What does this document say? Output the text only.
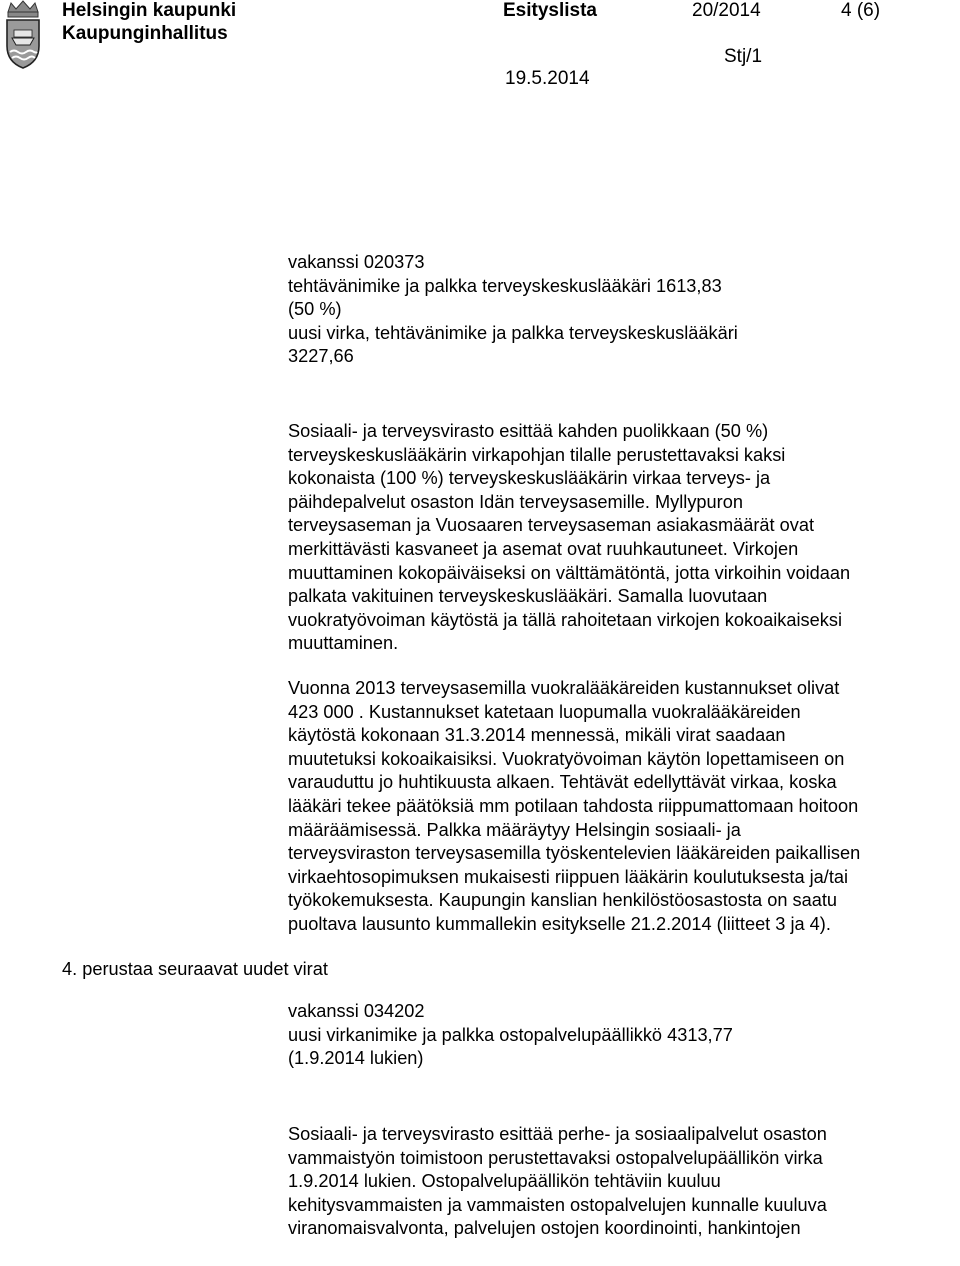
Helsingin kaupunki
Kaupunginhallitus
Esityslista	20/2014	4 (6)
Stj/1
19.5.2014
vakanssi 020373
tehtävänimike ja palkka terveyskeskuslääkäri 1613,83
(50 %)
uusi virka, tehtävänimike ja palkka terveyskeskuslääkäri
3227,66
Sosiaali- ja terveysvirasto esittää kahden puolikkaan (50 %)
terveyskeskuslääkärin virkapohjan tilalle perustettavaksi kaksi
kokonaista (100 %) terveyskeskuslääkärin virkaa terveys- ja
päihdepalvelut osaston Idän terveysasemille. Myllypuron
terveysaseman ja Vuosaaren terveysaseman asiakasmäärät ovat
merkittävästi kasvaneet ja asemat ovat ruuhkautuneet. Virkojen
muuttaminen kokopäiväiseksi on välttämätöntä, jotta virkoihin voidaan
palkata vakituinen terveyskeskuslääkäri. Samalla luovutaan
vuokratyövoiman käytöstä ja tällä rahoitetaan virkojen kokoaikaiseksi
muuttaminen.
Vuonna 2013 terveysasemilla vuokralääkäreiden kustannukset olivat
423 000 . Kustannukset katetaan luopumalla vuokralääkäreiden
käytöstä kokonaan 31.3.2014 mennessä, mikäli virat saadaan
muutetuksi kokoaikaisiksi. Vuokratyövoiman käytön lopettamiseen on
varauduttu jo huhtikuusta alkaen. Tehtävät edellyttävät virkaa, koska
lääkäri tekee päätöksiä mm potilaan tahdosta riippumattomaan hoitoon
määräämisessä. Palkka määräytyy Helsingin sosiaali- ja
terveysviraston terveysasemilla työskentelevien lääkäreiden paikallisen
virkaehtosopimuksen mukaisesti riippuen lääkärin koulutuksesta ja/tai
työkokemuksesta. Kaupungin kanslian henkilöstöosastosta on saatu
puoltava lausunto kummallekin esitykselle 21.2.2014 (liitteet 3 ja 4).
4. perustaa seuraavat uudet virat
vakanssi 034202
uusi virkanimike ja palkka ostopalvelupäällikkö 4313,77
(1.9.2014 lukien)
Sosiaali- ja terveysvirasto esittää perhe- ja sosiaalipalvelut osaston
vammaistyön toimistoon perustettavaksi ostopalvelupäällikön virka
1.9.2014 lukien. Ostopalvelupäällikön tehtäviin kuuluu
kehitysvammaisten ja vammaisten ostopalvelujen kunnalle kuuluva
viranomaisvalvonta, palvelujen ostojen koordinointi, hankintojen
